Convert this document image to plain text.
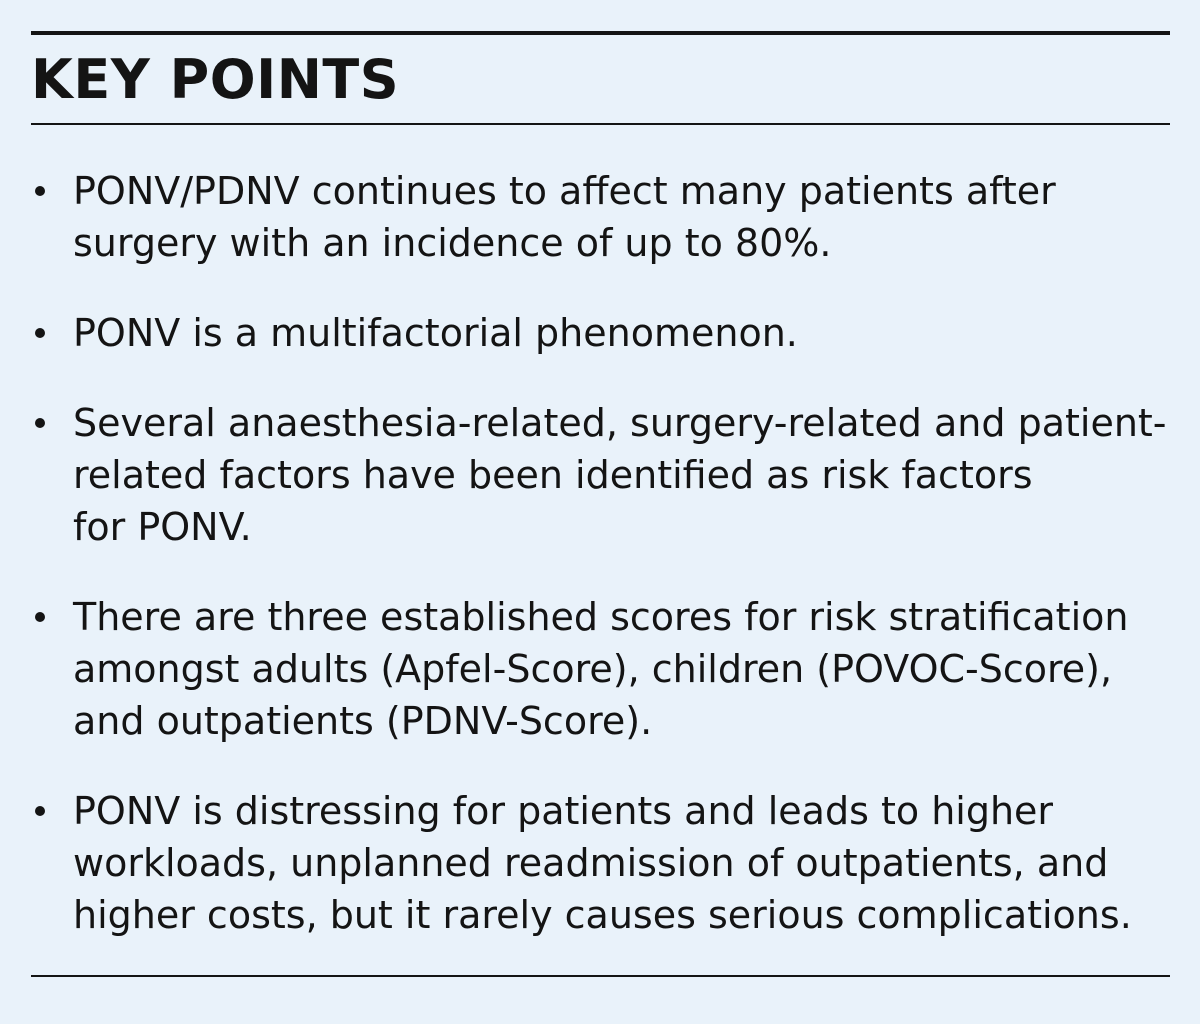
KEY POINTS
PONV/PDNV continues to affect many patients after
surgery with an incidence of up to 80%.
PONV is a multifactorial phenomenon.
Several anaesthesia-related, surgery-related and patient-
related factors have been identified as risk factors
for PONV.
There are three established scores for risk stratification
amongst adults (Apfel-Score), children (POVOC-Score),
and outpatients (PDNV-Score).
PONV is distressing for patients and leads to higher
workloads, unplanned readmission of outpatients, and
higher costs, but it rarely causes serious complications.
